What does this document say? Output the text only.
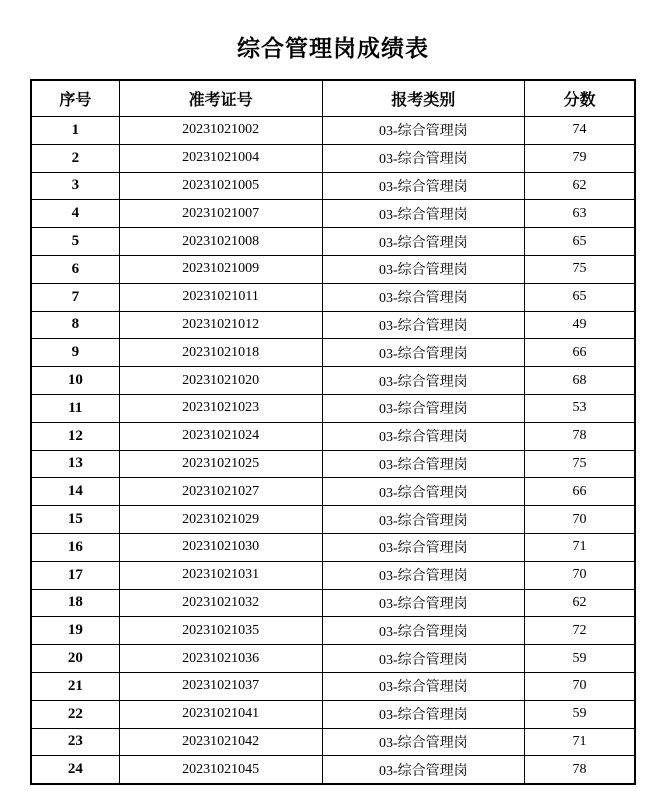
综合管理岗成绩表
序号	准考证号	报考类别	分数
1	20231021002	03-综合管理岗	74
2	20231021004	03-综合管理岗	79
3	20231021005	03-综合管理岗	62
4	20231021007	03-综合管理岗	63
5	20231021008	03-综合管理岗	65
6	20231021009	03-综合管理岗	75
7	20231021011	03-综合管理岗	65
8	20231021012	03-综合管理岗	49
9	20231021018	03-综合管理岗	66
10	20231021020	03-综合管理岗	68
11	20231021023	03-综合管理岗	53
12	20231021024	03-综合管理岗	78
13	20231021025	03-综合管理岗	75
14	20231021027	03-综合管理岗	66
15	20231021029	03-综合管理岗	70
16	20231021030	03-综合管理岗	71
17	20231021031	03-综合管理岗	70
18	20231021032	03-综合管理岗	62
19	20231021035	03-综合管理岗	72
20	20231021036	03-综合管理岗	59
21	20231021037	03-综合管理岗	70
22	20231021041	03-综合管理岗	59
23	20231021042	03-综合管理岗	71
24	20231021045	03-综合管理岗	78
